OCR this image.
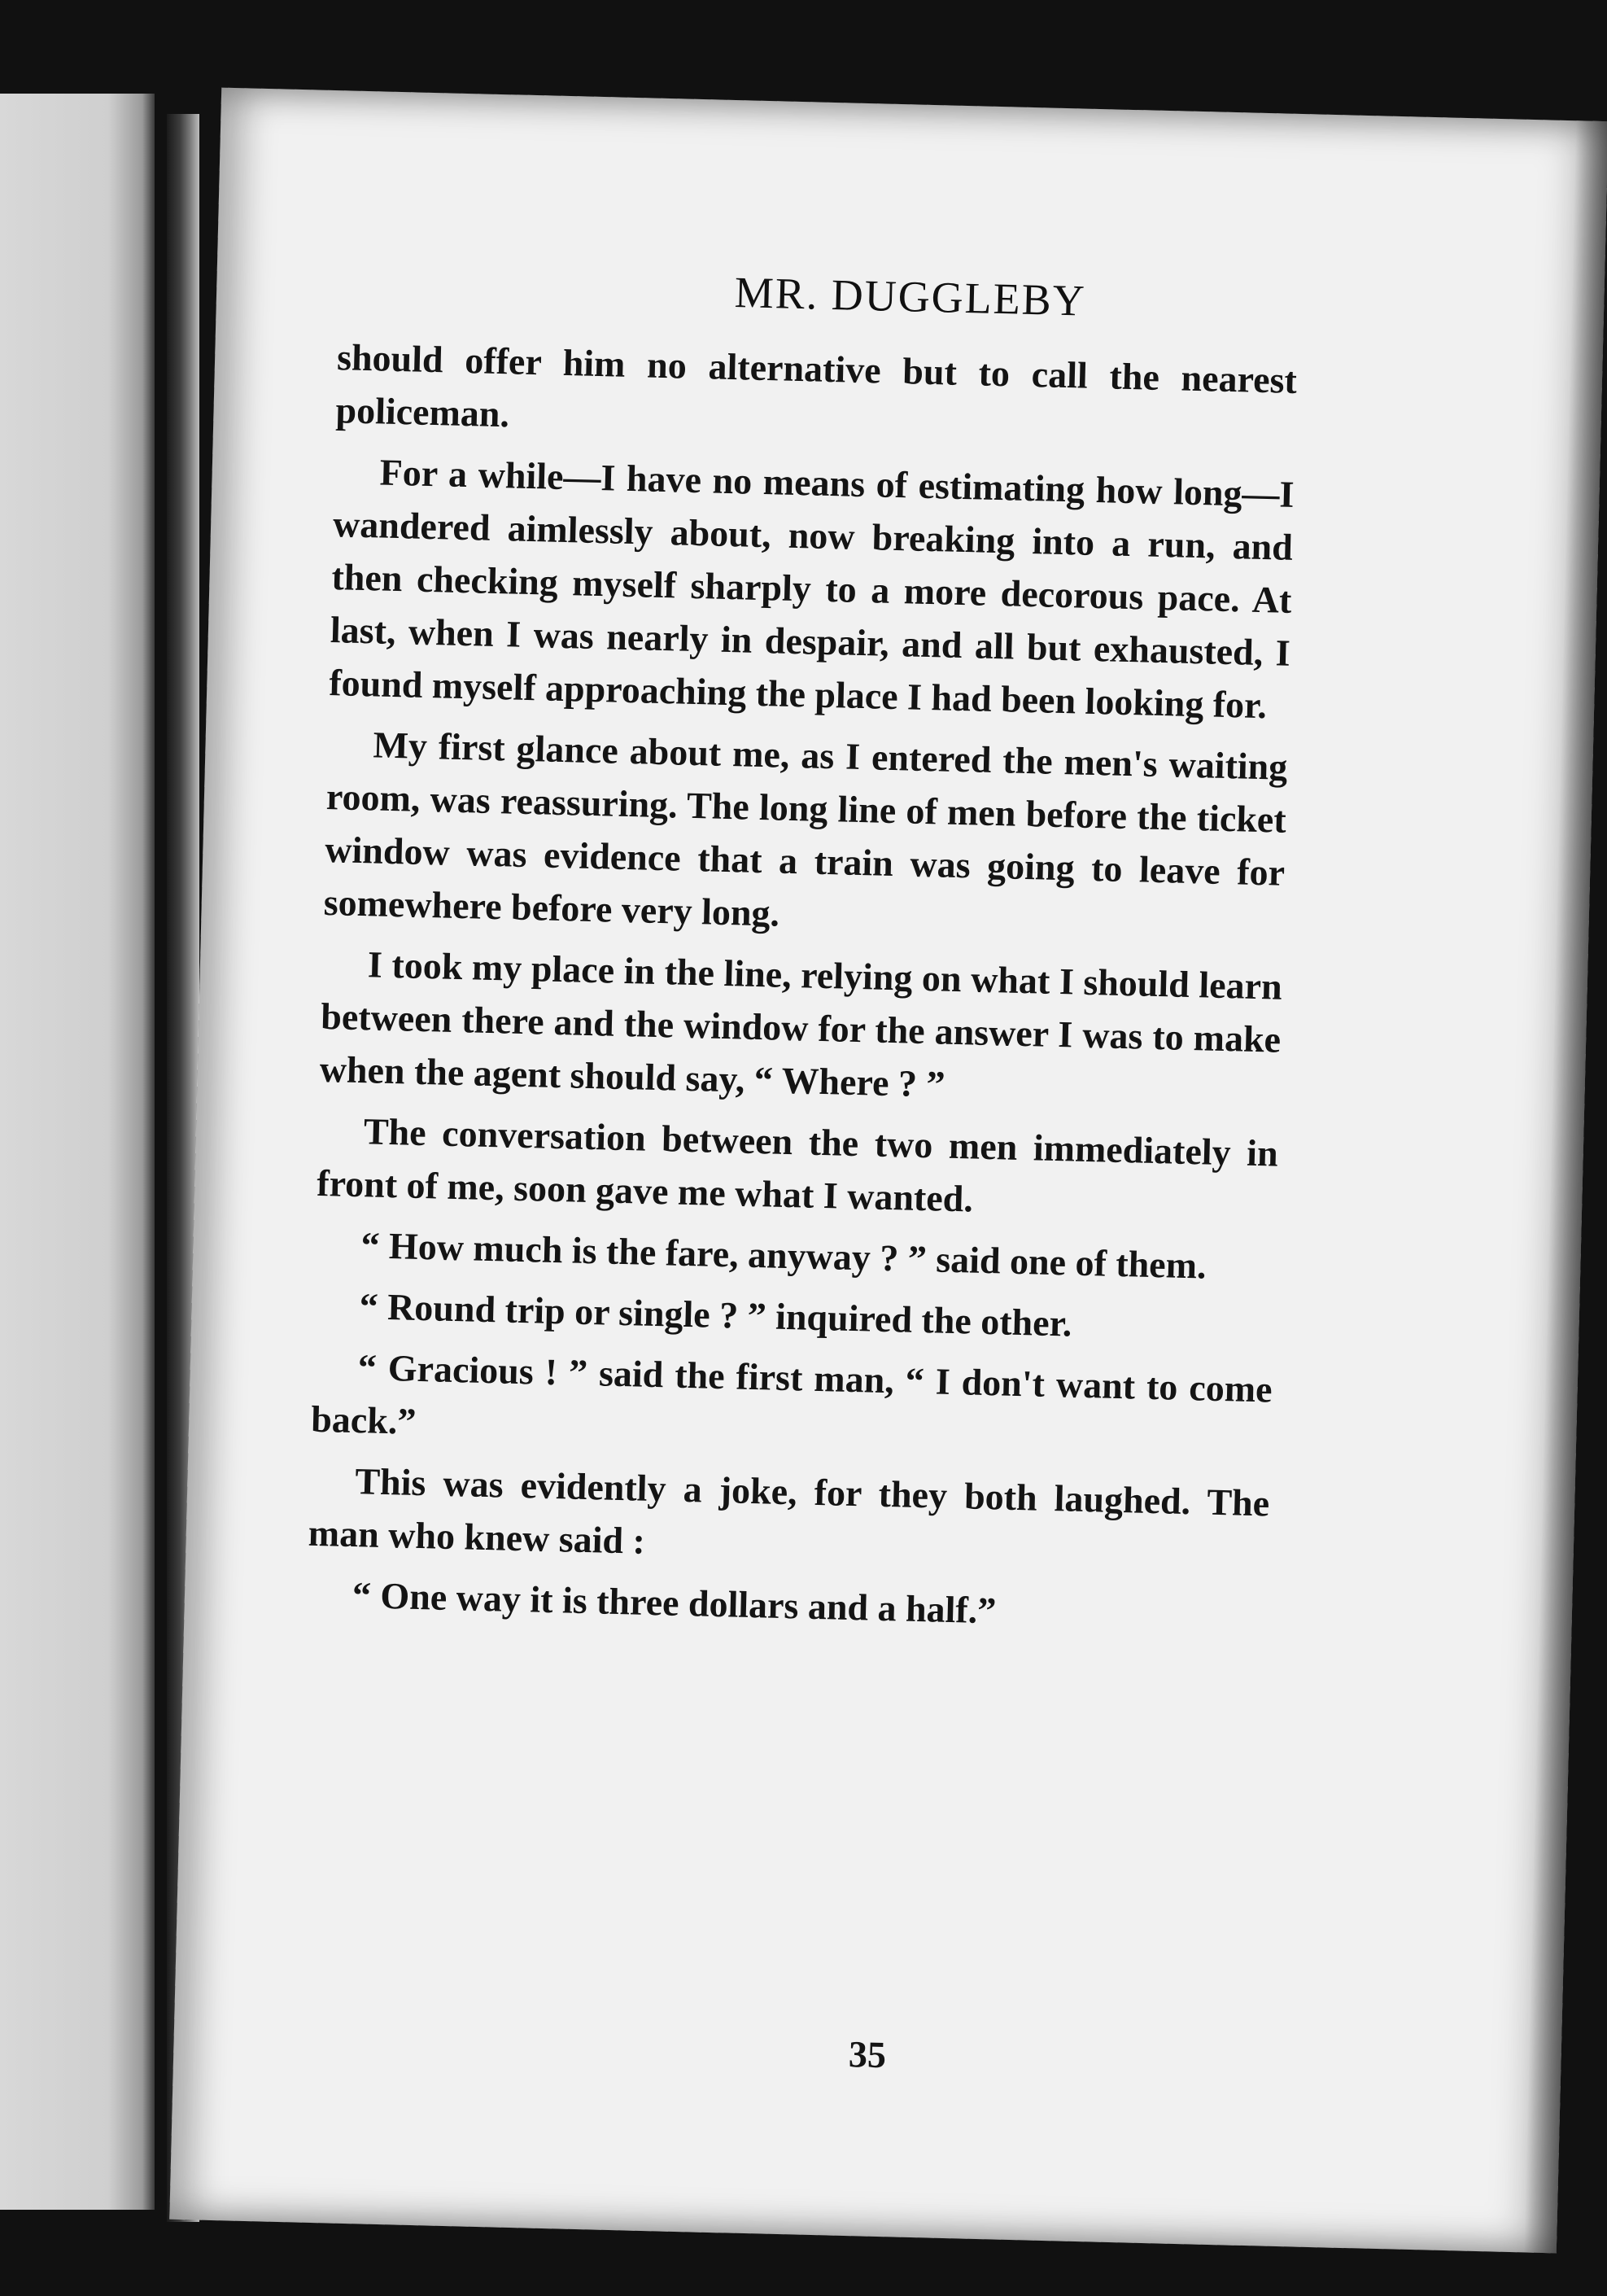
MR. DUGGLEBY

should offer him no alternative but to call the nearest policeman.

For a while—I have no means of estimating how long—I wandered aimlessly about, now breaking into a run, and then checking myself sharply to a more decorous pace. At last, when I was nearly in despair, and all but exhausted, I found myself approaching the place I had been looking for.

My first glance about me, as I entered the men's waiting room, was reassuring. The long line of men before the ticket window was evidence that a train was going to leave for somewhere before very long.

I took my place in the line, relying on what I should learn between there and the window for the answer I was to make when the agent should say, “ Where ? ”

The conversation between the two men immediately in front of me, soon gave me what I wanted.

“ How much is the fare, anyway ? ” said one of them.

“ Round trip or single ? ” inquired the other.

“ Gracious ! ” said the first man, “ I don't want to come back.”

This was evidently a joke, for they both laughed. The man who knew said :

“ One way it is three dollars and a half.”

35
